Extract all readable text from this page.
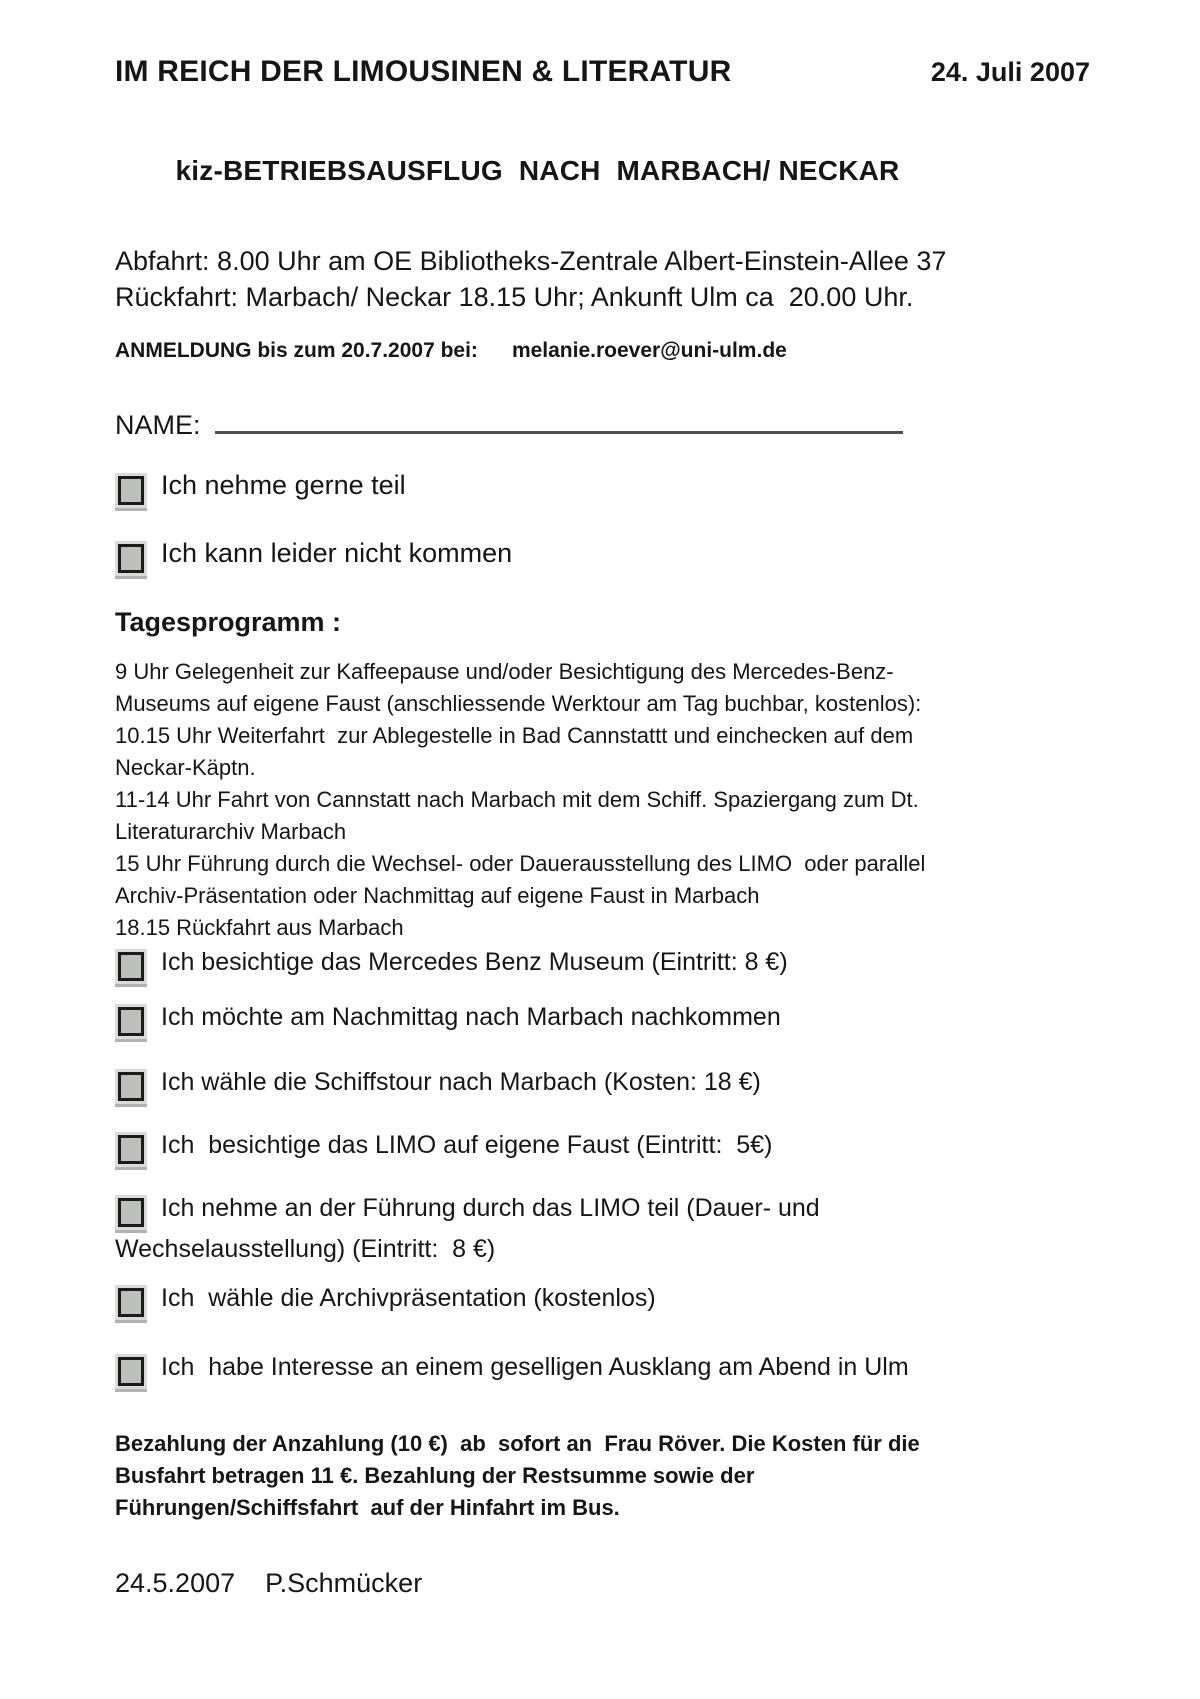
IM REICH DER LIMOUSINEN & LITERATUR	24. Juli 2007
kiz-BETRIEBSAUSFLUG  NACH  MARBACH/ NECKAR
Abfahrt: 8.00 Uhr am OE Bibliotheks-Zentrale Albert-Einstein-Allee 37
Rückfahrt: Marbach/ Neckar 18.15 Uhr; Ankunft Ulm ca  20.00 Uhr.
ANMELDUNG bis zum 20.7.2007 bei: melanie.roever@uni-ulm.de
NAME:
Ich nehme gerne teil
Ich kann leider nicht kommen
Tagesprogramm :
9 Uhr Gelegenheit zur Kaffeepause und/oder Besichtigung des Mercedes-Benz-
Museums auf eigene Faust (anschliessende Werktour am Tag buchbar, kostenlos):
10.15 Uhr Weiterfahrt  zur Ablegestelle in Bad Cannstattt und einchecken auf dem
Neckar-Käptn.
11-14 Uhr Fahrt von Cannstatt nach Marbach mit dem Schiff. Spaziergang zum Dt.
Literaturarchiv Marbach
15 Uhr Führung durch die Wechsel- oder Dauerausstellung des LIMO  oder parallel
Archiv-Präsentation oder Nachmittag auf eigene Faust in Marbach
18.15 Rückfahrt aus Marbach
Ich besichtige das Mercedes Benz Museum (Eintritt: 8 €)
Ich möchte am Nachmittag nach Marbach nachkommen
Ich wähle die Schiffstour nach Marbach (Kosten: 18 €)
Ich  besichtige das LIMO auf eigene Faust (Eintritt:  5€)
Ich nehme an der Führung durch das LIMO teil (Dauer- und Wechselausstellung) (Eintritt:  8 €)
Ich  wähle die Archivpräsentation (kostenlos)
Ich  habe Interesse an einem geselligen Ausklang am Abend in Ulm
Bezahlung der Anzahlung (10 €)  ab  sofort an  Frau Röver. Die Kosten für die
Busfahrt betragen 11 €. Bezahlung der Restsumme sowie der
Führungen/Schiffsfahrt  auf der Hinfahrt im Bus.
24.5.2007 P.Schmücker
